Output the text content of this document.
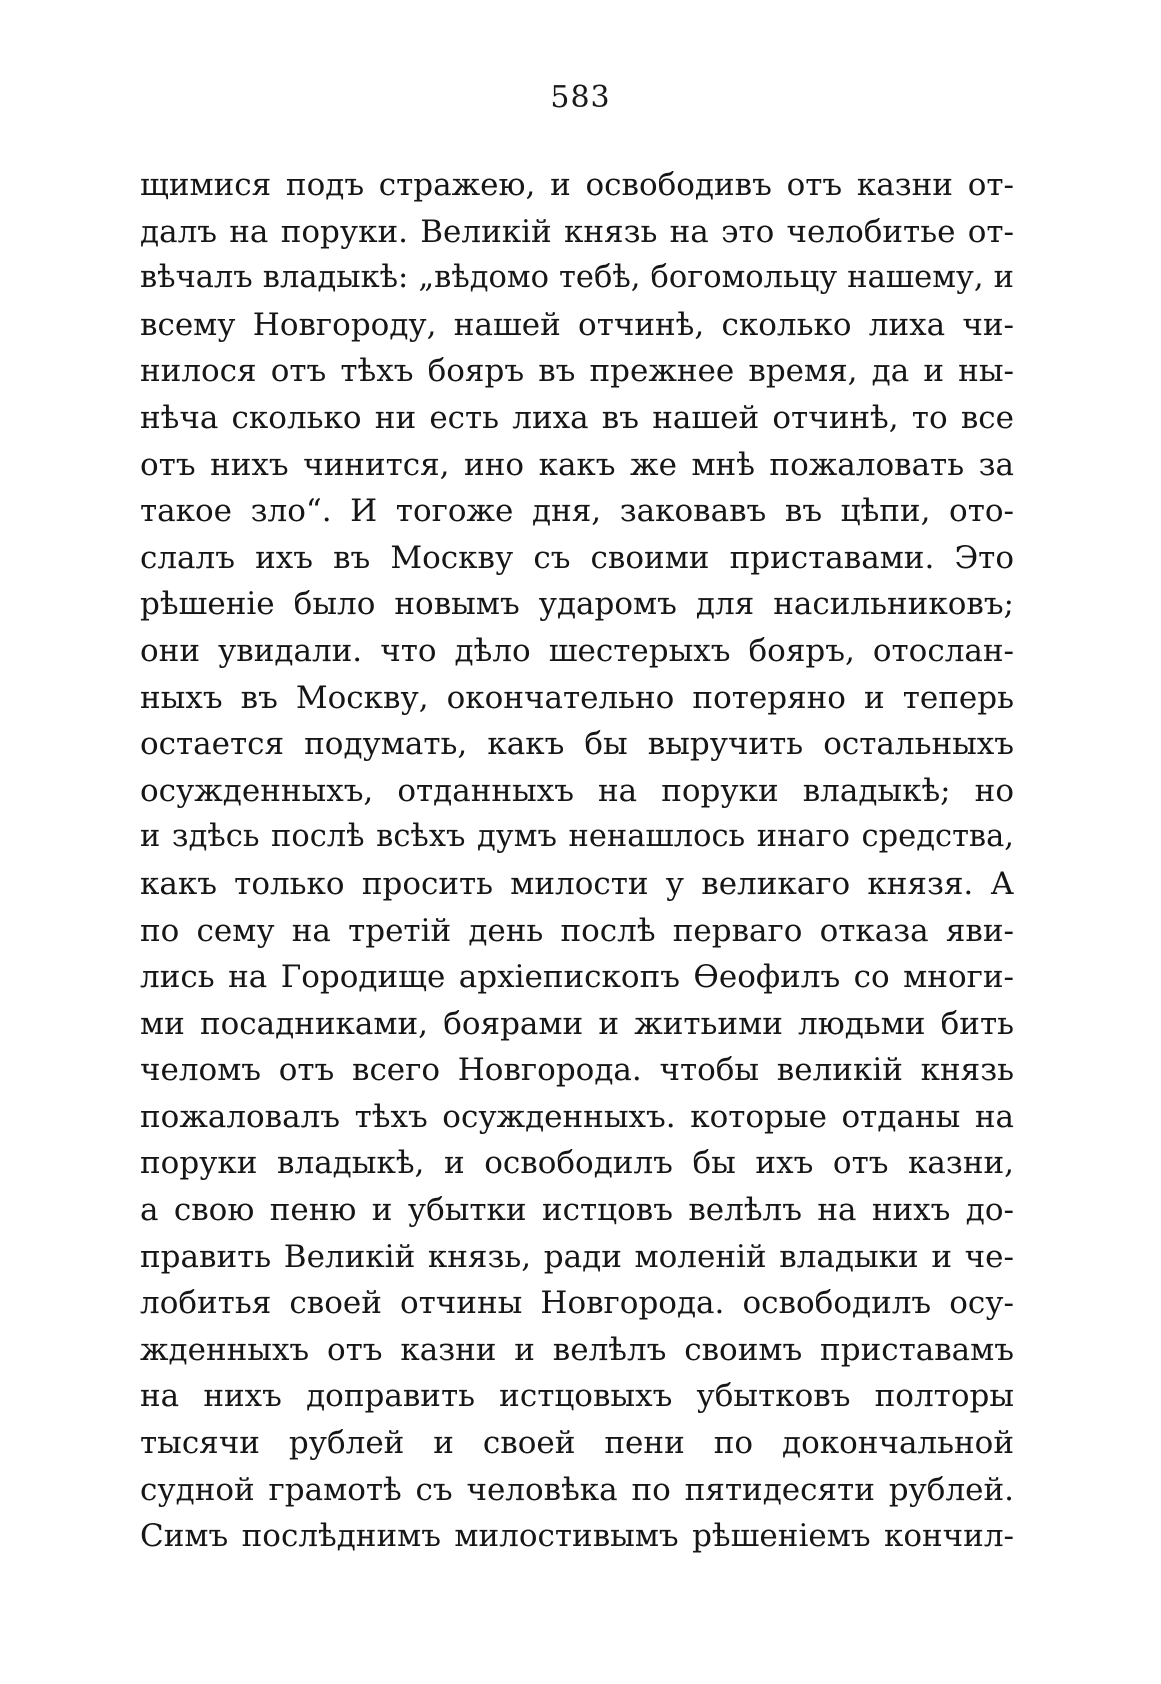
583
щимися подъ стражею, и освободивъ отъ казни от-
далъ на поруки. Великій князь на это челобитье от-
вѣчалъ владыкѣ: „вѣдомо тебѣ, богомольцу нашему, и
всему Новгороду, нашей отчинѣ, сколько лиха чи-
нилося отъ тѣхъ бояръ въ прежнее время, да и ны-
нѣча сколько ни есть лиха въ нашей отчинѣ, то все
отъ нихъ чинится, ино какъ же мнѣ пожаловать за
такое зло“. И тогоже дня, заковавъ въ цѣпи, ото-
слалъ ихъ въ Москву съ своими приставами. Это
рѣшеніе было новымъ ударомъ для насильниковъ;
они увидали. что дѣло шестерыхъ бояръ, отослан-
ныхъ въ Москву, окончательно потеряно и теперь
остается подумать, какъ бы выручить остальныхъ
осужденныхъ, отданныхъ на поруки владыкѣ; но
и здѣсь послѣ всѣхъ думъ ненашлось инаго средства,
какъ только просить милости у великаго князя. А
по сему на третій день послѣ перваго отказа яви-
лись на Городище архіепископъ Ѳеофилъ со многи-
ми посадниками, боярами и житьими людьми бить
челомъ отъ всего Новгорода. чтобы великій князь
пожаловалъ тѣхъ осужденныхъ. которые отданы на
поруки владыкѣ, и освободилъ бы ихъ отъ казни,
а свою пеню и убытки истцовъ велѣлъ на нихъ до-
править Великій князь, ради моленій владыки и че-
лобитья своей отчины Новгорода. освободилъ осу-
жденныхъ отъ казни и велѣлъ своимъ приставамъ
на нихъ доправить истцовыхъ убытковъ полторы
тысячи рублей и своей пени по докончальной
судной грамотѣ съ человѣка по пятидесяти рублей.
Симъ послѣднимъ милостивымъ рѣшеніемъ кончил-
